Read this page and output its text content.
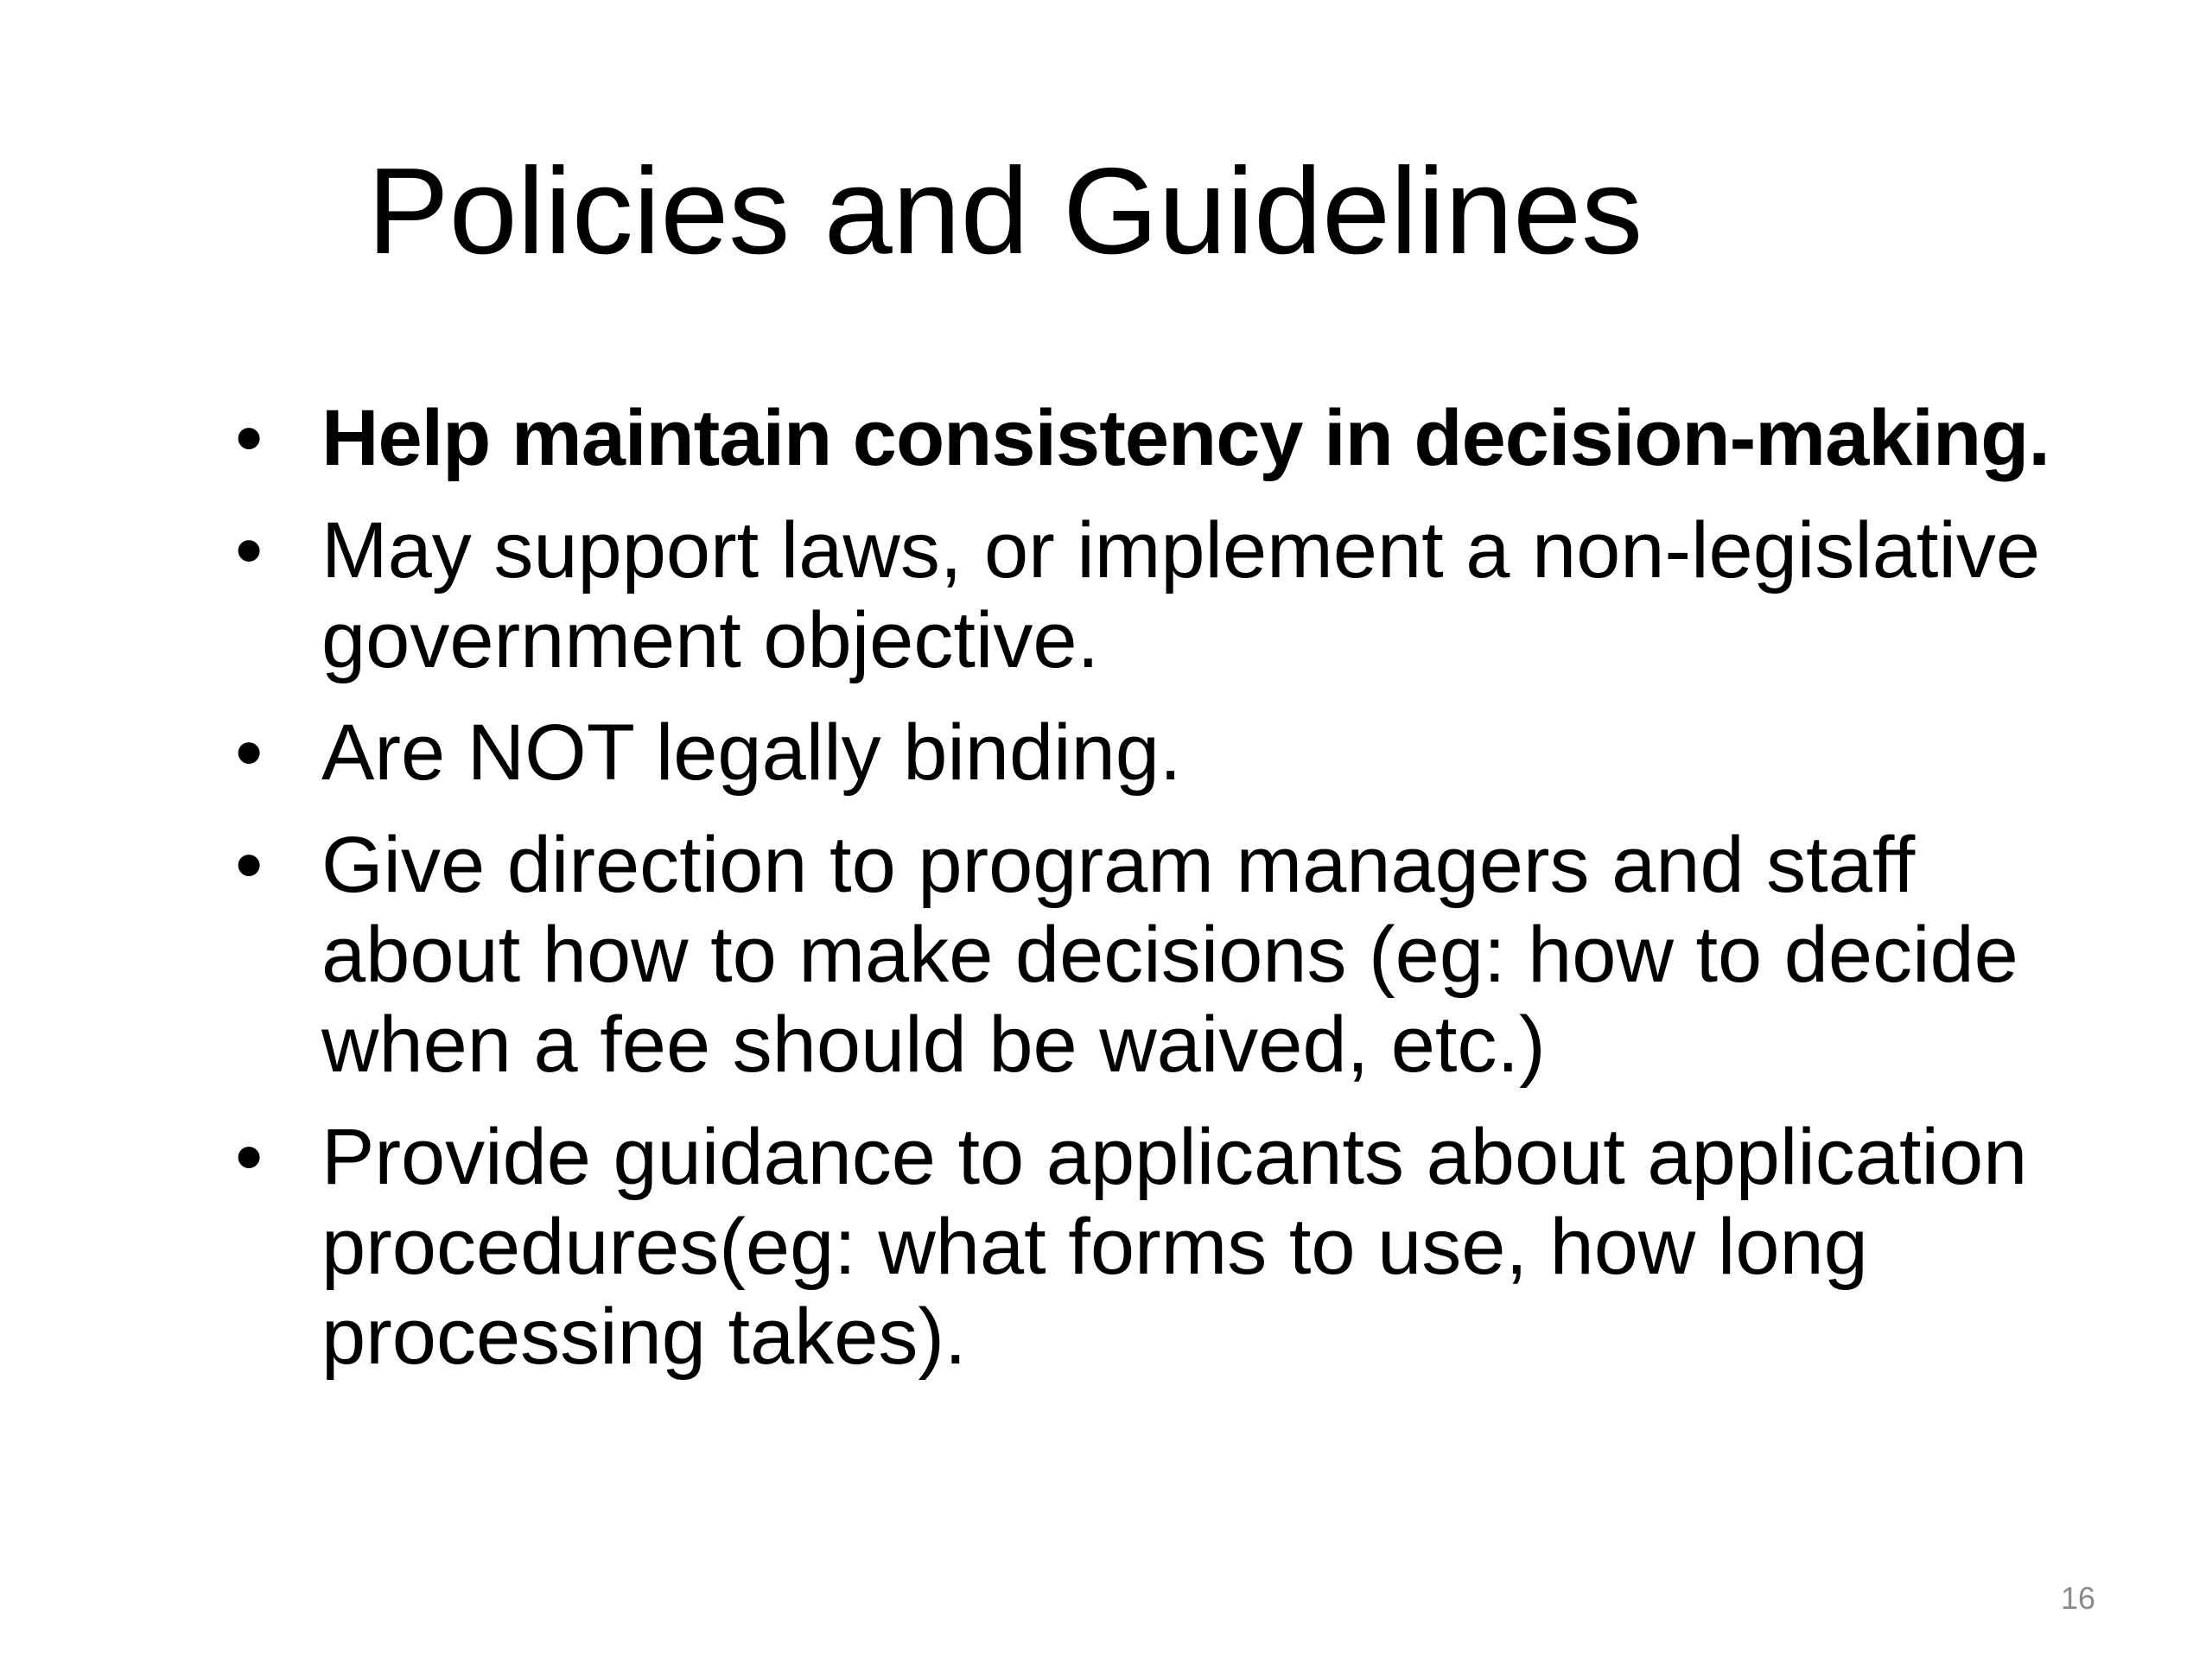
Policies and Guidelines
• Help maintain consistency in decision-making.
• May support laws, or implement a non-legislative government objective.
• Are NOT legally binding.
• Give direction to program managers and staff about how to make decisions (eg: how to decide when a fee should be waived, etc.)
• Provide guidance to applicants about application procedures(eg: what forms to use, how long processing takes).
16
